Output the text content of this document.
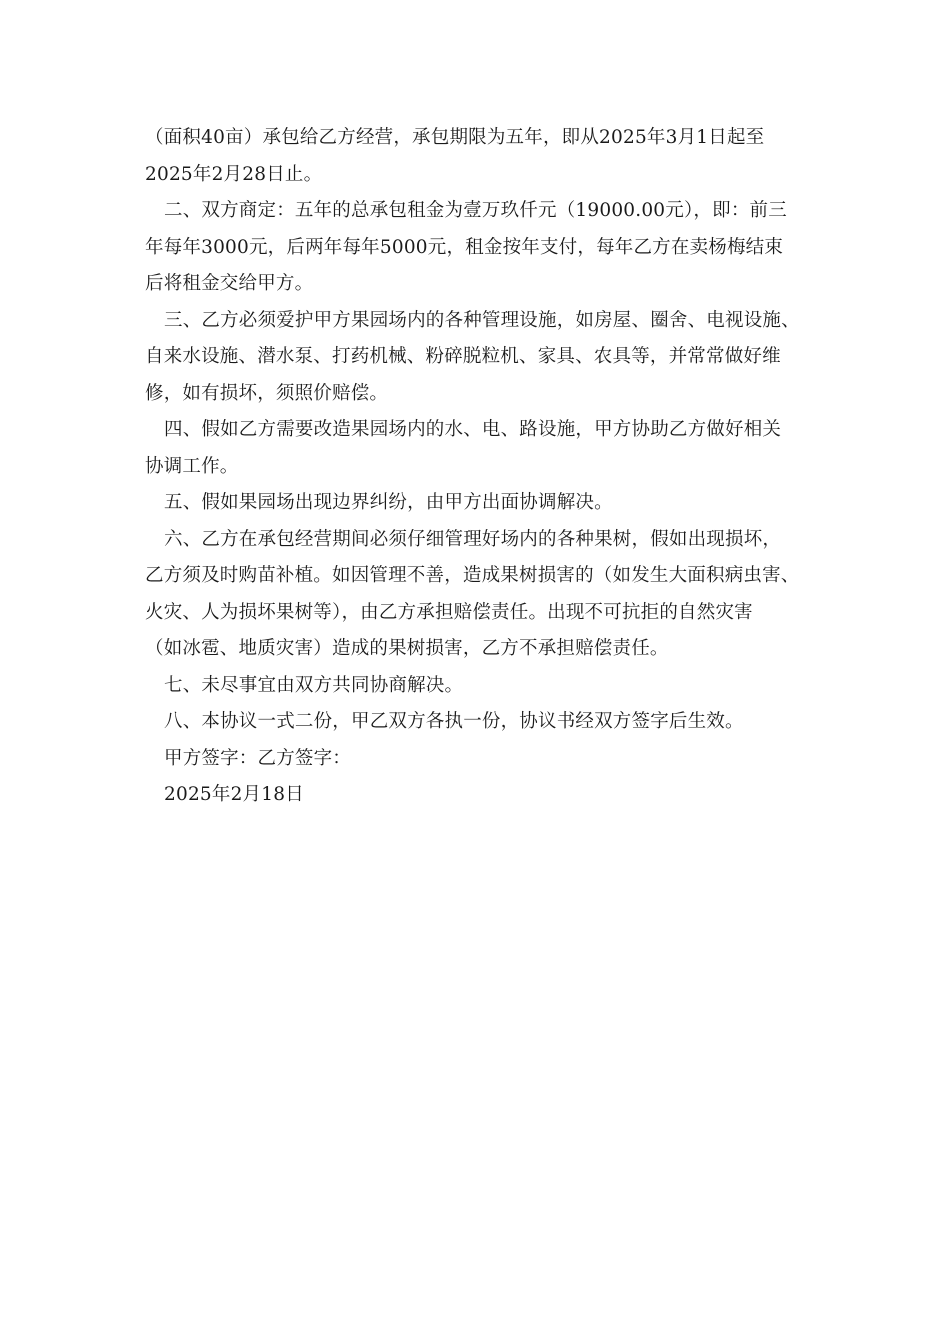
（面积40亩）承包给乙方经营，承包期限为五年，即从2025年3月1日起至
2025年2月28日止。
二、双方商定：五年的总承包租金为壹万玖仟元（19000.00元），即：前三
年每年3000元，后两年每年5000元，租金按年支付，每年乙方在卖杨梅结束
后将租金交给甲方。
三、乙方必须爱护甲方果园场内的各种管理设施，如房屋、圈舍、电视设施、
自来水设施、潜水泵、打药机械、粉碎脱粒机、家具、农具等，并常常做好维
修，如有损坏，须照价赔偿。
四、假如乙方需要改造果园场内的水、电、路设施，甲方协助乙方做好相关
协调工作。
五、假如果园场出现边界纠纷，由甲方出面协调解决。
六、乙方在承包经营期间必须仔细管理好场内的各种果树，假如出现损坏，
乙方须及时购苗补植。如因管理不善，造成果树损害的（如发生大面积病虫害、
火灾、人为损坏果树等），由乙方承担赔偿责任。出现不可抗拒的自然灾害
（如冰雹、地质灾害）造成的果树损害，乙方不承担赔偿责任。
七、未尽事宜由双方共同协商解决。
八、本协议一式二份，甲乙双方各执一份，协议书经双方签字后生效。
甲方签字：乙方签字：
2025年2月18日
